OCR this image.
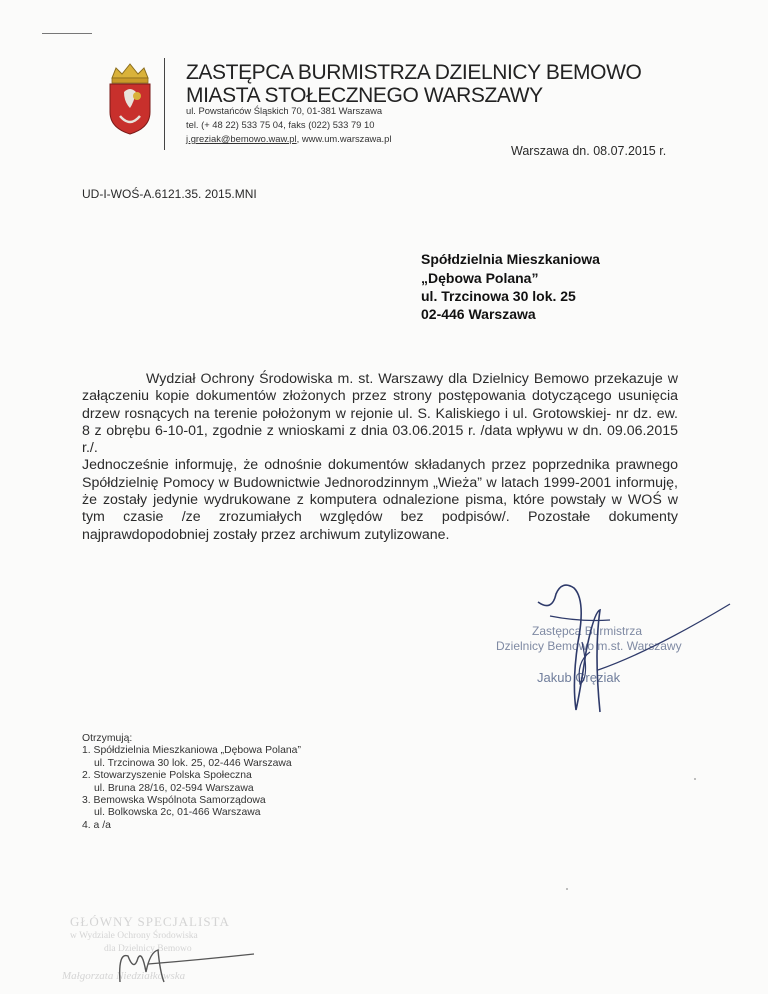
ZASTĘPCA BURMISTRZA DZIELNICY BEMOWO
MIASTA STOŁECZNEGO WARSZAWY
ul. Powstańców Śląskich 70, 01-381 Warszawa
tel. (+ 48 22) 533 75 04, faks (022) 533 79 10
j.greziak@bemowo.waw.pl, www.um.warszawa.pl
Warszawa dn. 08.07.2015 r.
UD-I-WOŚ-A.6121.35. 2015.MNI
Spółdzielnia Mieszkaniowa
„Dębowa Polana”
ul. Trzcinowa 30 lok. 25
02-446 Warszawa

Wydział Ochrony Środowiska m. st. Warszawy dla Dzielnicy Bemowo przekazuje w załączeniu kopie dokumentów złożonych przez strony postępowania dotyczącego usunięcia drzew rosnących na terenie położonym w rejonie ul. S. Kaliskiego i ul. Grotowskiej- nr dz. ew. 8 z obrębu 6-10-01, zgodnie z wnioskami z dnia 03.06.2015 r. /data wpływu w dn. 09.06.2015 r./.

Jednocześnie informuję, że odnośnie dokumentów składanych przez poprzednika prawnego Spółdzielnię Pomocy w Budownictwie Jednorodzinnym „Wieża” w latach 1999-2001 informuję, że zostały jedynie wydrukowane z komputera odnalezione pisma, które powstały w WOŚ w tym czasie /ze zrozumiałych względów bez podpisów/. Pozostałe dokumenty najprawdopodobniej zostały przez archiwum zutylizowane.

Zastępca Burmistrza
Dzielnicy Bemowo m.st. Warszawy
Jakub Gręziak
Otrzymują:
1. Spółdzielnia Mieszkaniowa „Dębowa Polana”
ul. Trzcinowa 30 lok. 25, 02-446 Warszawa
2. Stowarzyszenie Polska Społeczna
ul. Bruna 28/16, 02-594 Warszawa
3. Bemowska Wspólnota Samorządowa
ul. Bolkowska 2c, 01-466 Warszawa
4. a /a
GŁÓWNY SPECJALISTA
w Wydziale Ochrony Środowiska
dla Dzielnicy Bemowo
Małgorzata Niedziałkowska
